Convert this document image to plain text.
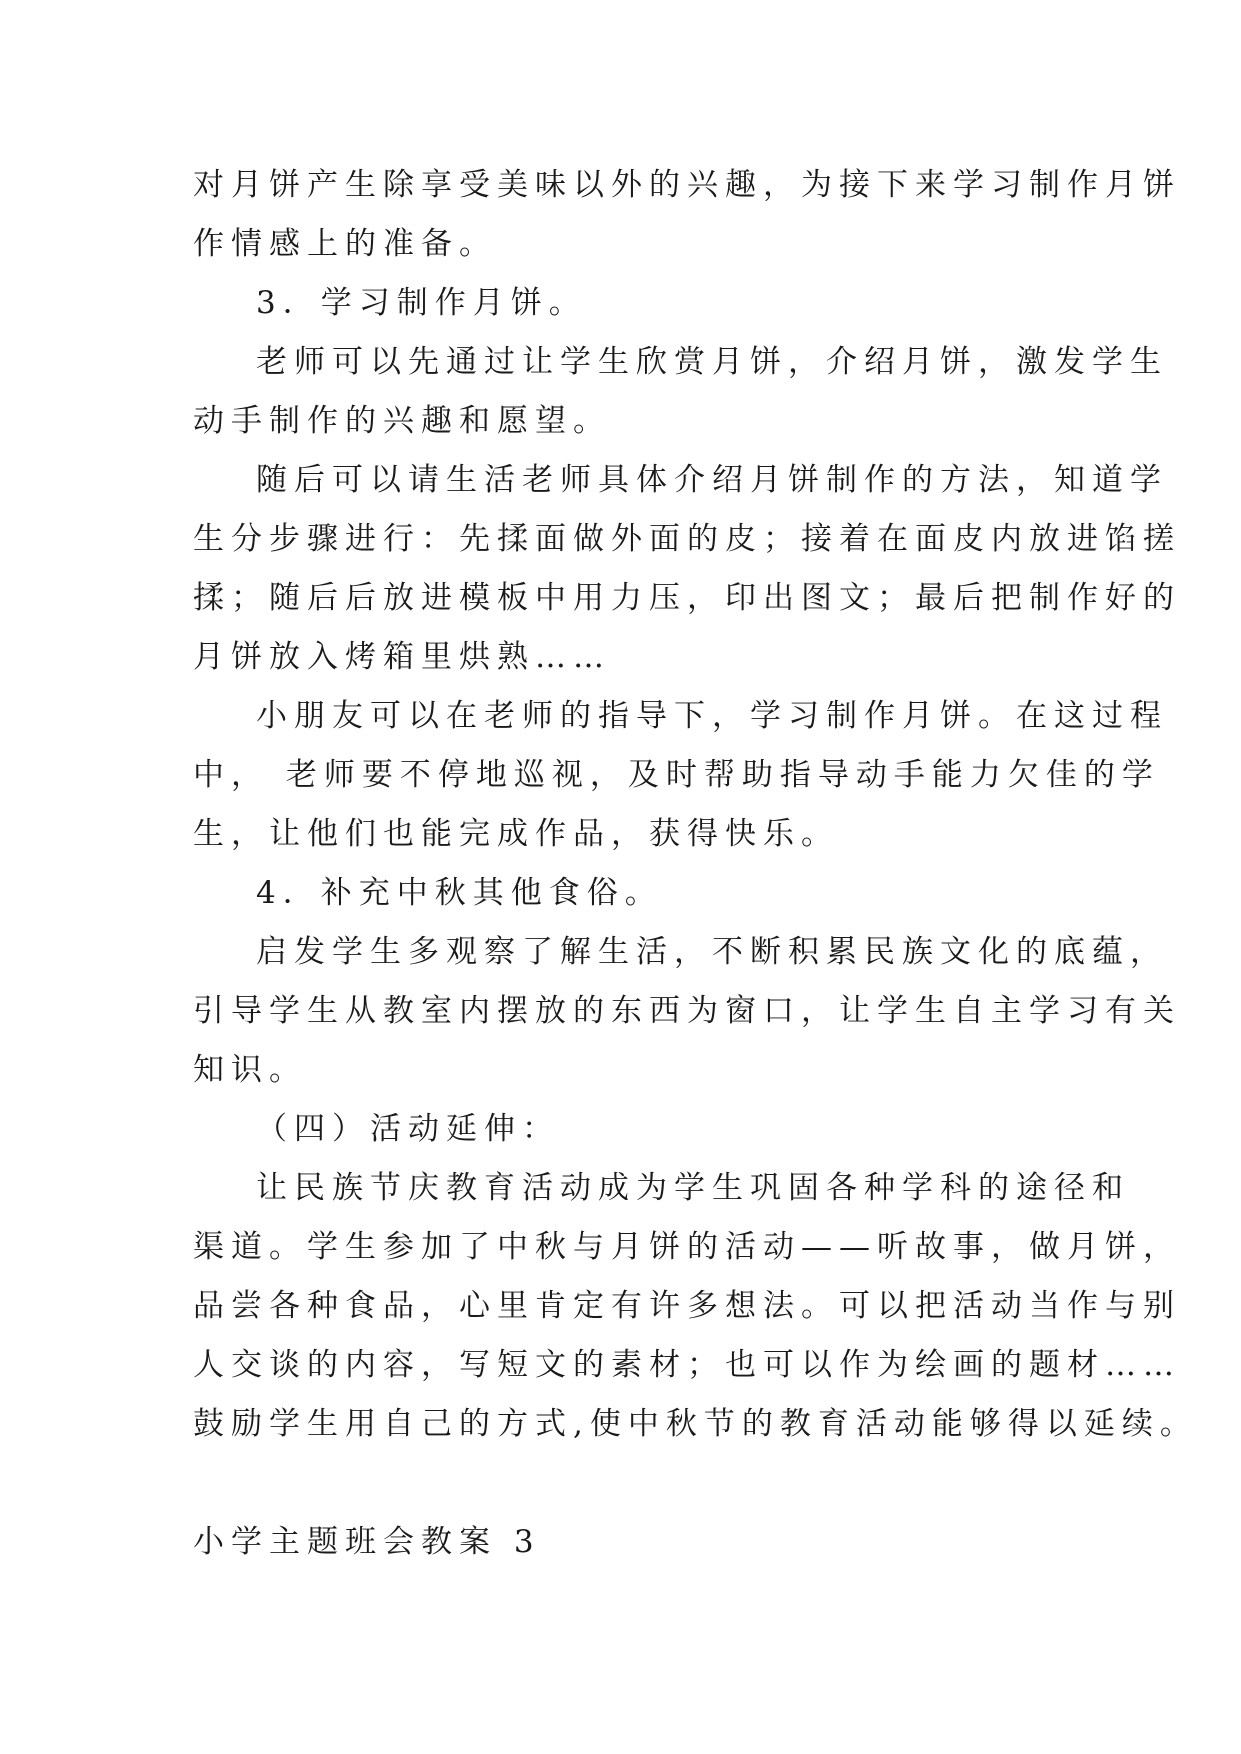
对月饼产生除享受美味以外的兴趣，为接下来学习制作月饼
作情感上的准备。
3．学习制作月饼。
老师可以先通过让学生欣赏月饼，介绍月饼，激发学生
动手制作的兴趣和愿望。
随后可以请生活老师具体介绍月饼制作的方法，知道学
生分步骤进行：先揉面做外面的皮；接着在面皮内放进馅搓
揉；随后后放进模板中用力压，印出图文；最后把制作好的
月饼放入烤箱里烘熟……
小朋友可以在老师的指导下，学习制作月饼。在这过程
中， 老师要不停地巡视，及时帮助指导动手能力欠佳的学
生，让他们也能完成作品，获得快乐。
4．补充中秋其他食俗。
启发学生多观察了解生活，不断积累民族文化的底蕴，
引导学生从教室内摆放的东西为窗口，让学生自主学习有关
知识。
（四）活动延伸：
让民族节庆教育活动成为学生巩固各种学科的途径和
渠道。学生参加了中秋与月饼的活动——听故事，做月饼，
品尝各种食品，心里肯定有许多想法。可以把活动当作与别
人交谈的内容，写短文的素材；也可以作为绘画的题材……
鼓励学生用自己的方式,使中秋节的教育活动能够得以延续。
小学主题班会教案 3
